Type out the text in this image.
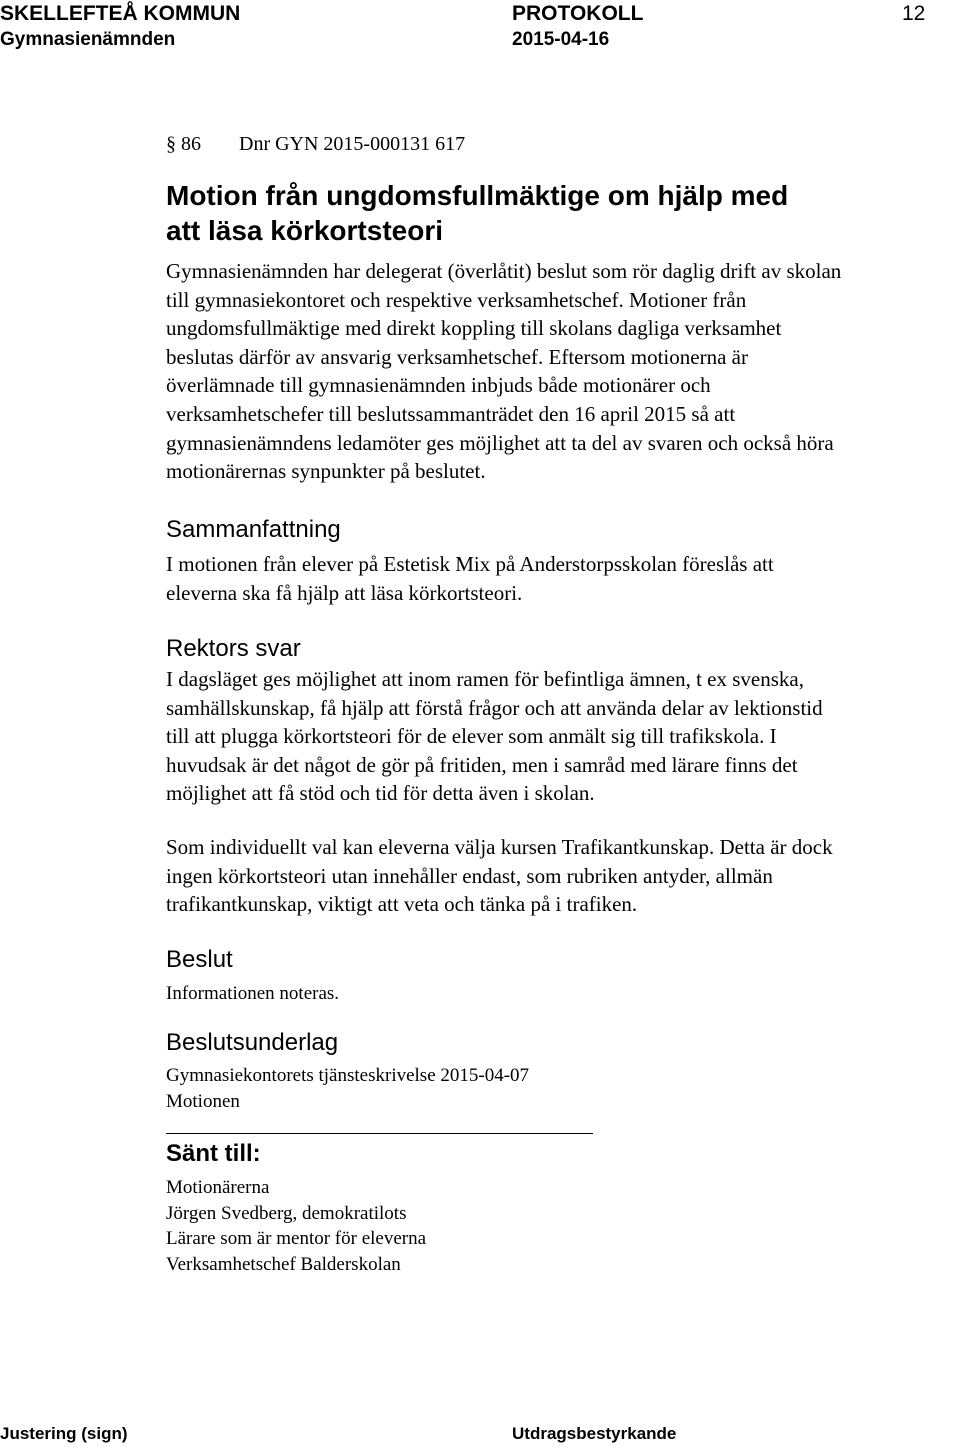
SKELLEFTEÅ KOMMUN	PROTOKOLL	12
Gymnasienämnden	2015-04-16
§ 86 Dnr GYN 2015-000131 617
Motion från ungdomsfullmäktige om hjälp med
att läsa körkortsteori
Gymnasienämnden har delegerat (överlåtit) beslut som rör daglig drift av skolan
till gymnasiekontoret och respektive verksamhetschef. Motioner från
ungdomsfullmäktige med direkt koppling till skolans dagliga verksamhet
beslutas därför av ansvarig verksamhetschef. Eftersom motionerna är
överlämnade till gymnasienämnden inbjuds både motionärer och
verksamhetschefer till beslutssammanträdet den 16 april 2015 så att
gymnasienämndens ledamöter ges möjlighet att ta del av svaren och också höra
motionärernas synpunkter på beslutet.
Sammanfattning
I motionen från elever på Estetisk Mix på Anderstorpsskolan föreslås att
eleverna ska få hjälp att läsa körkortsteori.
Rektors svar
I dagsläget ges möjlighet att inom ramen för befintliga ämnen, t ex svenska,
samhällskunskap, få hjälp att förstå frågor och att använda delar av lektionstid
till att plugga körkortsteori för de elever som anmält sig till trafikskola. I
huvudsak är det något de gör på fritiden, men i samråd med lärare finns det
möjlighet att få stöd och tid för detta även i skolan.
Som individuellt val kan eleverna välja kursen Trafikantkunskap. Detta är dock
ingen körkortsteori utan innehåller endast, som rubriken antyder, allmän
trafikantkunskap, viktigt att veta och tänka på i trafiken.
Beslut
Informationen noteras.
Beslutsunderlag
Gymnasiekontorets tjänsteskrivelse 2015-04-07
Motionen
Sänt till:
Motionärerna
Jörgen Svedberg, demokratilots
Lärare som är mentor för eleverna
Verksamhetschef Balderskolan
Justering (sign)	Utdragsbestyrkande
